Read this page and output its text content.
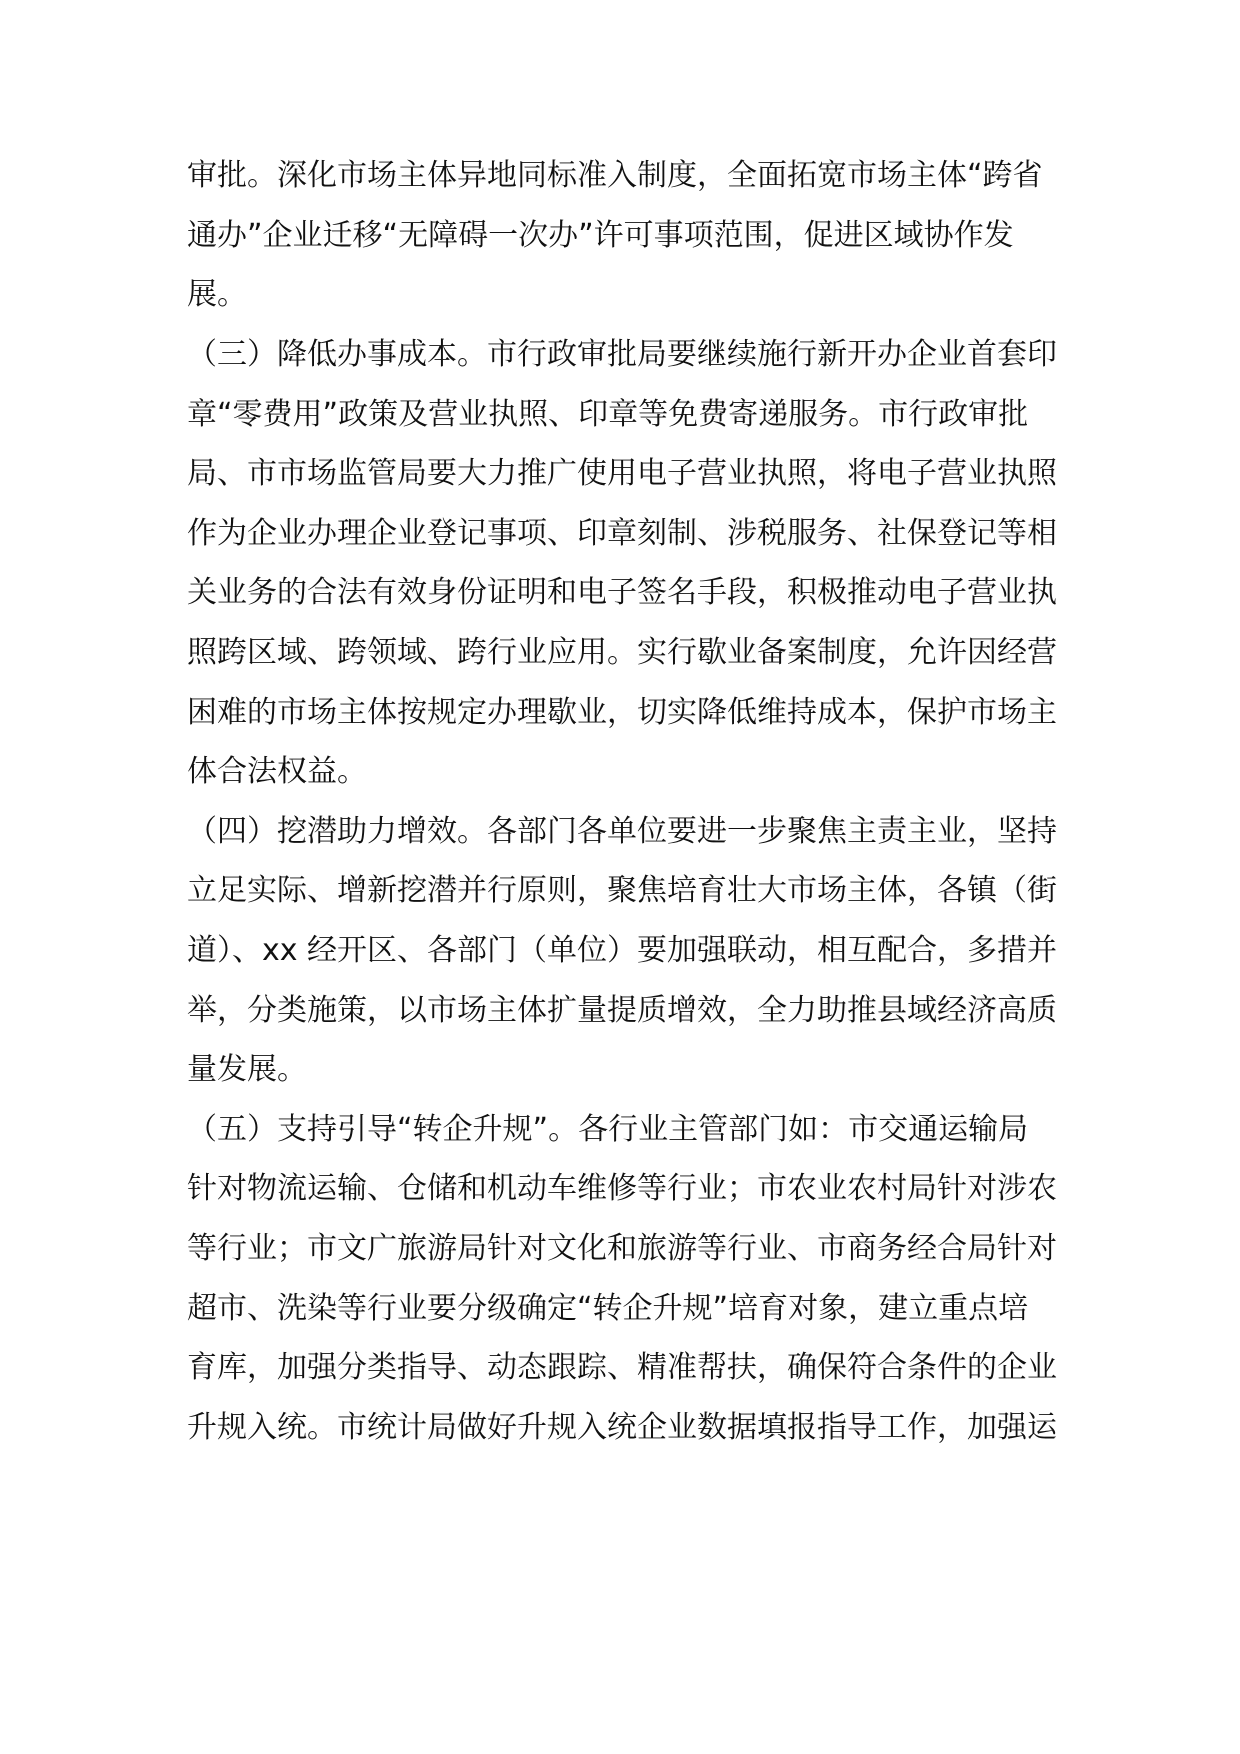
审批。深化市场主体异地同标准入制度，全面拓宽市场主体“跨省

通办”企业迁移“无障碍一次办”许可事项范围，促进区域协作发

展。

（三）降低办事成本。市行政审批局要继续施行新开办企业首套印

章“零费用”政策及营业执照、印章等免费寄递服务。市行政审批

局、市市场监管局要大力推广使用电子营业执照，将电子营业执照

作为企业办理企业登记事项、印章刻制、涉税服务、社保登记等相

关业务的合法有效身份证明和电子签名手段，积极推动电子营业执

照跨区域、跨领域、跨行业应用。实行歇业备案制度，允许因经营

困难的市场主体按规定办理歇业，切实降低维持成本，保护市场主

体合法权益。

（四）挖潜助力增效。各部门各单位要进一步聚焦主责主业，坚持

立足实际、增新挖潜并行原则，聚焦培育壮大市场主体，各镇（街

道）、xx 经开区、各部门（单位）要加强联动，相互配合，多措并

举，分类施策，以市场主体扩量提质增效，全力助推县域经济高质

量发展。

（五）支持引导“转企升规”。各行业主管部门如：市交通运输局

针对物流运输、仓储和机动车维修等行业；市农业农村局针对涉农

等行业；市文广旅游局针对文化和旅游等行业、市商务经合局针对

超市、洗染等行业要分级确定“转企升规”培育对象，建立重点培

育库，加强分类指导、动态跟踪、精准帮扶，确保符合条件的企业

升规入统。市统计局做好升规入统企业数据填报指导工作，加强运
